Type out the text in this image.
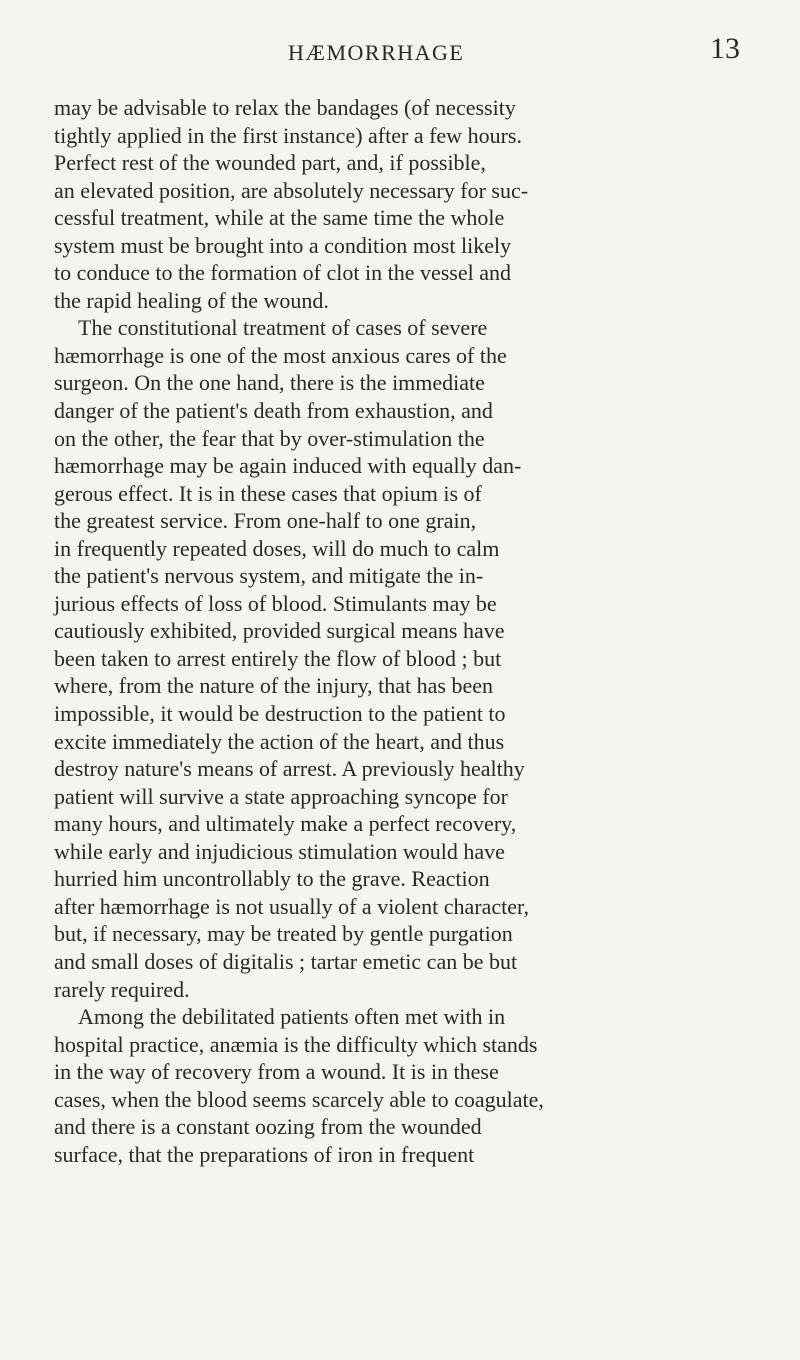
HÆMORRHAGE	13
may be advisable to relax the bandages (of necessity
tightly applied in the first instance) after a few hours.
Perfect rest of the wounded part, and, if possible,
an elevated position, are absolutely necessary for suc-
cessful treatment, while at the same time the whole
system must be brought into a condition most likely
to conduce to the formation of clot in the vessel and
the rapid healing of the wound.
The constitutional treatment of cases of severe
hæmorrhage is one of the most anxious cares of the
surgeon. On the one hand, there is the immediate
danger of the patient's death from exhaustion, and
on the other, the fear that by over-stimulation the
hæmorrhage may be again induced with equally dan-
gerous effect. It is in these cases that opium is of
the greatest service. From one-half to one grain,
in frequently repeated doses, will do much to calm
the patient's nervous system, and mitigate the in-
jurious effects of loss of blood. Stimulants may be
cautiously exhibited, provided surgical means have
been taken to arrest entirely the flow of blood ; but
where, from the nature of the injury, that has been
impossible, it would be destruction to the patient to
excite immediately the action of the heart, and thus
destroy nature's means of arrest. A previously healthy
patient will survive a state approaching syncope for
many hours, and ultimately make a perfect recovery,
while early and injudicious stimulation would have
hurried him uncontrollably to the grave. Reaction
after hæmorrhage is not usually of a violent character,
but, if necessary, may be treated by gentle purgation
and small doses of digitalis ; tartar emetic can be but
rarely required.
Among the debilitated patients often met with in
hospital practice, anæmia is the difficulty which stands
in the way of recovery from a wound. It is in these
cases, when the blood seems scarcely able to coagulate,
and there is a constant oozing from the wounded
surface, that the preparations of iron in frequent
